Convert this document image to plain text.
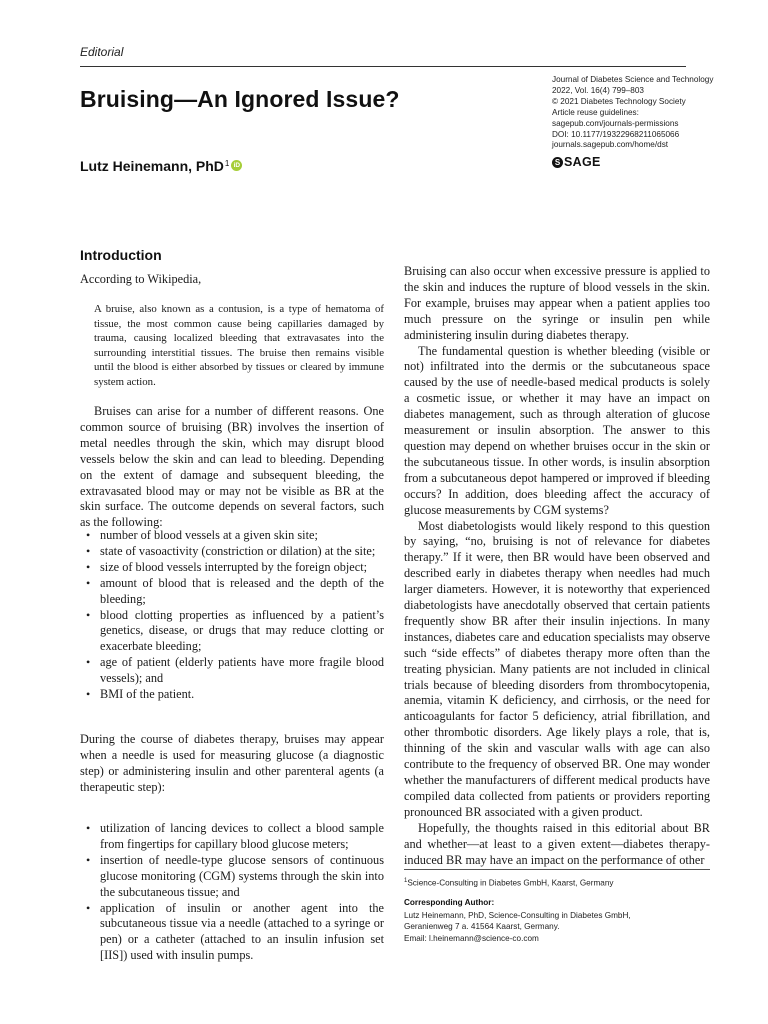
Editorial
Bruising—An Ignored Issue?
Journal of Diabetes Science and Technology
2022, Vol. 16(4) 799–803
© 2021 Diabetes Technology Society
Article reuse guidelines:
sagepub.com/journals-permissions
DOI: 10.1177/19322968211065066
journals.sagepub.com/home/dst
S SAGE
Lutz Heinemann, PhD 1 iD
Introduction

According to Wikipedia,

A bruise, also known as a contusion, is a type of hematoma of tissue, the most common cause being capillaries damaged by trauma, causing localized bleeding that extravasates into the surrounding interstitial tissues. The bruise then remains visible until the blood is either absorbed by tissues or cleared by immune system action.

Bruises can arise for a number of different reasons. One common source of bruising (BR) involves the insertion of metal needles through the skin, which may disrupt blood vessels below the skin and can lead to bleeding. Depending on the extent of damage and subsequent bleeding, the extravasated blood may or may not be visible as BR at the skin surface. The outcome depends on several factors, such as the following:

• number of blood vessels at a given skin site;
• state of vasoactivity (constriction or dilation) at the site;
• size of blood vessels interrupted by the foreign object;
• amount of blood that is released and the depth of the bleeding;
• blood clotting properties as influenced by a patient’s genetics, disease, or drugs that may reduce clotting or exacerbate bleeding;
• age of patient (elderly patients have more fragile blood vessels); and
• BMI of the patient.

During the course of diabetes therapy, bruises may appear when a needle is used for measuring glucose (a diagnostic step) or administering insulin and other parenteral agents (a therapeutic step):

• utilization of lancing devices to collect a blood sample from fingertips for capillary blood glucose meters;
• insertion of needle-type glucose sensors of continuous glucose monitoring (CGM) systems through the skin into the subcutaneous tissue; and
• application of insulin or another agent into the subcutaneous tissue via a needle (attached to a syringe or pen) or a catheter (attached to an insulin infusion set [IIS]) used with insulin pumps.

Bruising can also occur when excessive pressure is applied to the skin and induces the rupture of blood vessels in the skin. For example, bruises may appear when a patient applies too much pressure on the syringe or insulin pen while administering insulin during diabetes therapy.

The fundamental question is whether bleeding (visible or not) infiltrated into the dermis or the subcutaneous space caused by the use of needle-based medical products is solely a cosmetic issue, or whether it may have an impact on diabetes management, such as through alteration of glucose measurement or insulin absorption. The answer to this question may depend on whether bruises occur in the skin or the subcutaneous tissue. In other words, is insulin absorption from a subcutaneous depot hampered or improved if bleeding occurs? In addition, does bleeding affect the accuracy of glucose measurements by CGM systems?

Most diabetologists would likely respond to this question by saying, “no, bruising is not of relevance for diabetes therapy.” If it were, then BR would have been observed and described early in diabetes therapy when needles had much larger diameters. However, it is noteworthy that experienced diabetologists have anecdotally observed that certain patients frequently show BR after their insulin injections. In many instances, diabetes care and education specialists may observe such “side effects” of diabetes therapy more often than the treating physician. Many patients are not included in clinical trials because of bleeding disorders from thrombocytopenia, anemia, vitamin K deficiency, and cirrhosis, or the need for anticoagulants for factor 5 deficiency, atrial fibrillation, and other thrombotic disorders. Age likely plays a role, that is, thinning of the skin and vascular walls with age can also contribute to the frequency of observed BR. One may wonder whether the manufacturers of different medical products have compiled data collected from patients or providers reporting pronounced BR associated with a given product.

Hopefully, the thoughts raised in this editorial about BR and whether—at least to a given extent—diabetes therapy-induced BR may have an impact on the performance of other

$^1$Science-Consulting in Diabetes GmbH, Kaarst, Germany
Corresponding Author:
Lutz Heinemann, PhD, Science-Consulting in Diabetes GmbH,
Geranienweg 7 a. 41564 Kaarst, Germany.
Email: l.heinemann@science-co.com
